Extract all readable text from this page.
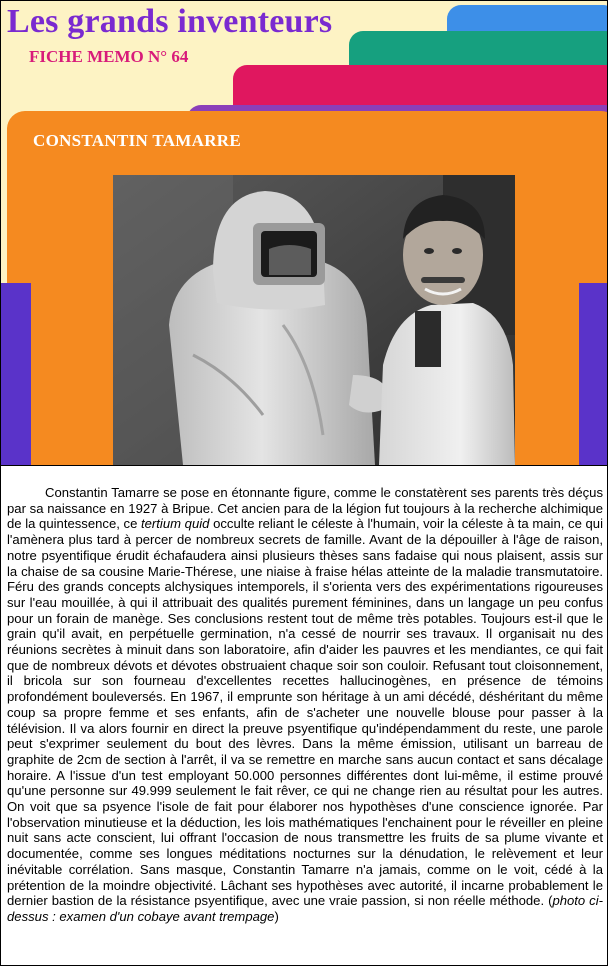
Les grands inventeurs
FICHE MEMO N° 64
CONSTANTIN TAMARRE

Constantin Tamarre se pose en étonnante figure, comme le constatèrent ses parents très déçus par sa naissance en 1927 à Bripue. Cet ancien para de la légion fut toujours à la recherche alchimique de la quintessence, ce tertium quid occulte reliant le céleste à l'humain, voir la céleste à ta main, ce qui l'amènera plus tard à percer de nombreux secrets de famille. Avant de la dépouiller à l'âge de raison, notre psyentifique érudit échafaudera ainsi plusieurs thèses sans fadaise qui nous plaisent, assis sur la chaise de sa cousine Marie-Thérese, une niaise à fraise hélas atteinte de la maladie transmutatoire. Féru des grands concepts alchysiques intemporels, il s'orienta vers des expérimentations rigoureuses sur l'eau mouillée, à qui il attribuait des qualités purement féminines, dans un langage un peu confus pour un forain de manège. Ses conclusions restent tout de même très potables. Toujours est-il que le grain qu'il avait, en perpétuelle germination, n'a cessé de nourrir ses travaux. Il organisait nu des réunions secrètes à minuit dans son laboratoire, afin d'aider les pauvres et les mendiantes, ce qui fait que de nombreux dévots et dévotes obstruaient chaque soir son couloir. Refusant tout cloisonnement, il bricola sur son fourneau d'excellentes recettes hallucinogènes, en présence de témoins profondément bouleversés. En 1967, il emprunte son héritage à un ami décédé, déshéritant du même coup sa propre femme et ses enfants, afin de s'acheter une nouvelle blouse pour passer à la télévision. Il va alors fournir en direct la preuve psyentifique qu'indépendamment du reste, une parole peut s'exprimer seulement du bout des lèvres. Dans la même émission, utilisant un barreau de graphite de 2cm de section à l'arrêt, il va se remettre en marche sans aucun contact et sans décalage horaire. A l'issue d'un test employant 50.000 personnes différentes dont lui-même, il estime prouvé qu'une personne sur 49.999 seulement le fait rêver, ce qui ne change rien au résultat pour les autres. On voit que sa psyence l'isole de fait pour élaborer nos hypothèses d'une conscience ignorée. Par l'observation minutieuse et la déduction, les lois mathématiques l'enchainent pour le réveiller en pleine nuit sans acte conscient, lui offrant l'occasion de nous transmettre les fruits de sa plume vivante et documentée, comme ses longues méditations nocturnes sur la dénudation, le relèvement et leur inévitable corrélation. Sans masque, Constantin Tamarre n'a jamais, comme on le voit, cédé à la prétention de la moindre objectivité. Lâchant ses hypothèses avec autorité, il incarne probablement le dernier bastion de la résistance psyentifique, avec une vraie passion, si non réelle méthode. (photo ci-dessus : examen d'un cobaye avant trempage)
